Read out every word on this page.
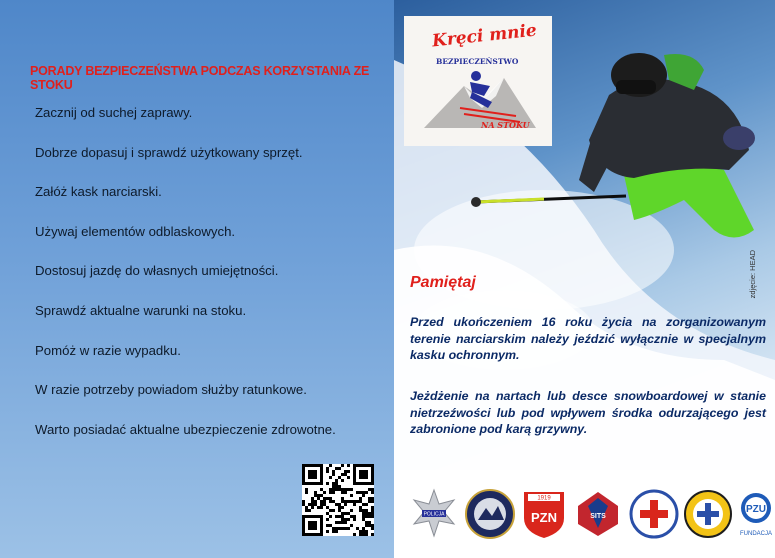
PORADY BEZPIECZEŃSTWA PODCZAS KORZYSTANIA ZE STOKU
Zacznij od suchej zaprawy.
Dobrze dopasuj i sprawdź użytkowany sprzęt.
Załóż kask narciarski.
Używaj elementów odblaskowych.
Dostosuj jazdę do własnych umiejętności.
Sprawdź aktualne warunki na stoku.
Pomóż w razie wypadku.
W razie potrzeby powiadom służby ratunkowe.
Warto posiadać aktualne ubezpieczenie zdrowotne.
Kręci mnie
BEZPIECZEŃSTWO
NA STOKU
zdjęcie: HEAD
Pamiętaj

Przed ukończeniem 16 roku życia na zorganizowanym terenie narciarskim należy jeździć wyłącznie w specjalnym kasku ochronnym.

Jeżdżenie na nartach lub desce snowboardowej w stanie nietrzeźwości lub pod wpływem środka odurzającego jest zabronione pod karą grzywny.

POLICJA
1919
PZN	SITS
PZU
FUNDACJA
